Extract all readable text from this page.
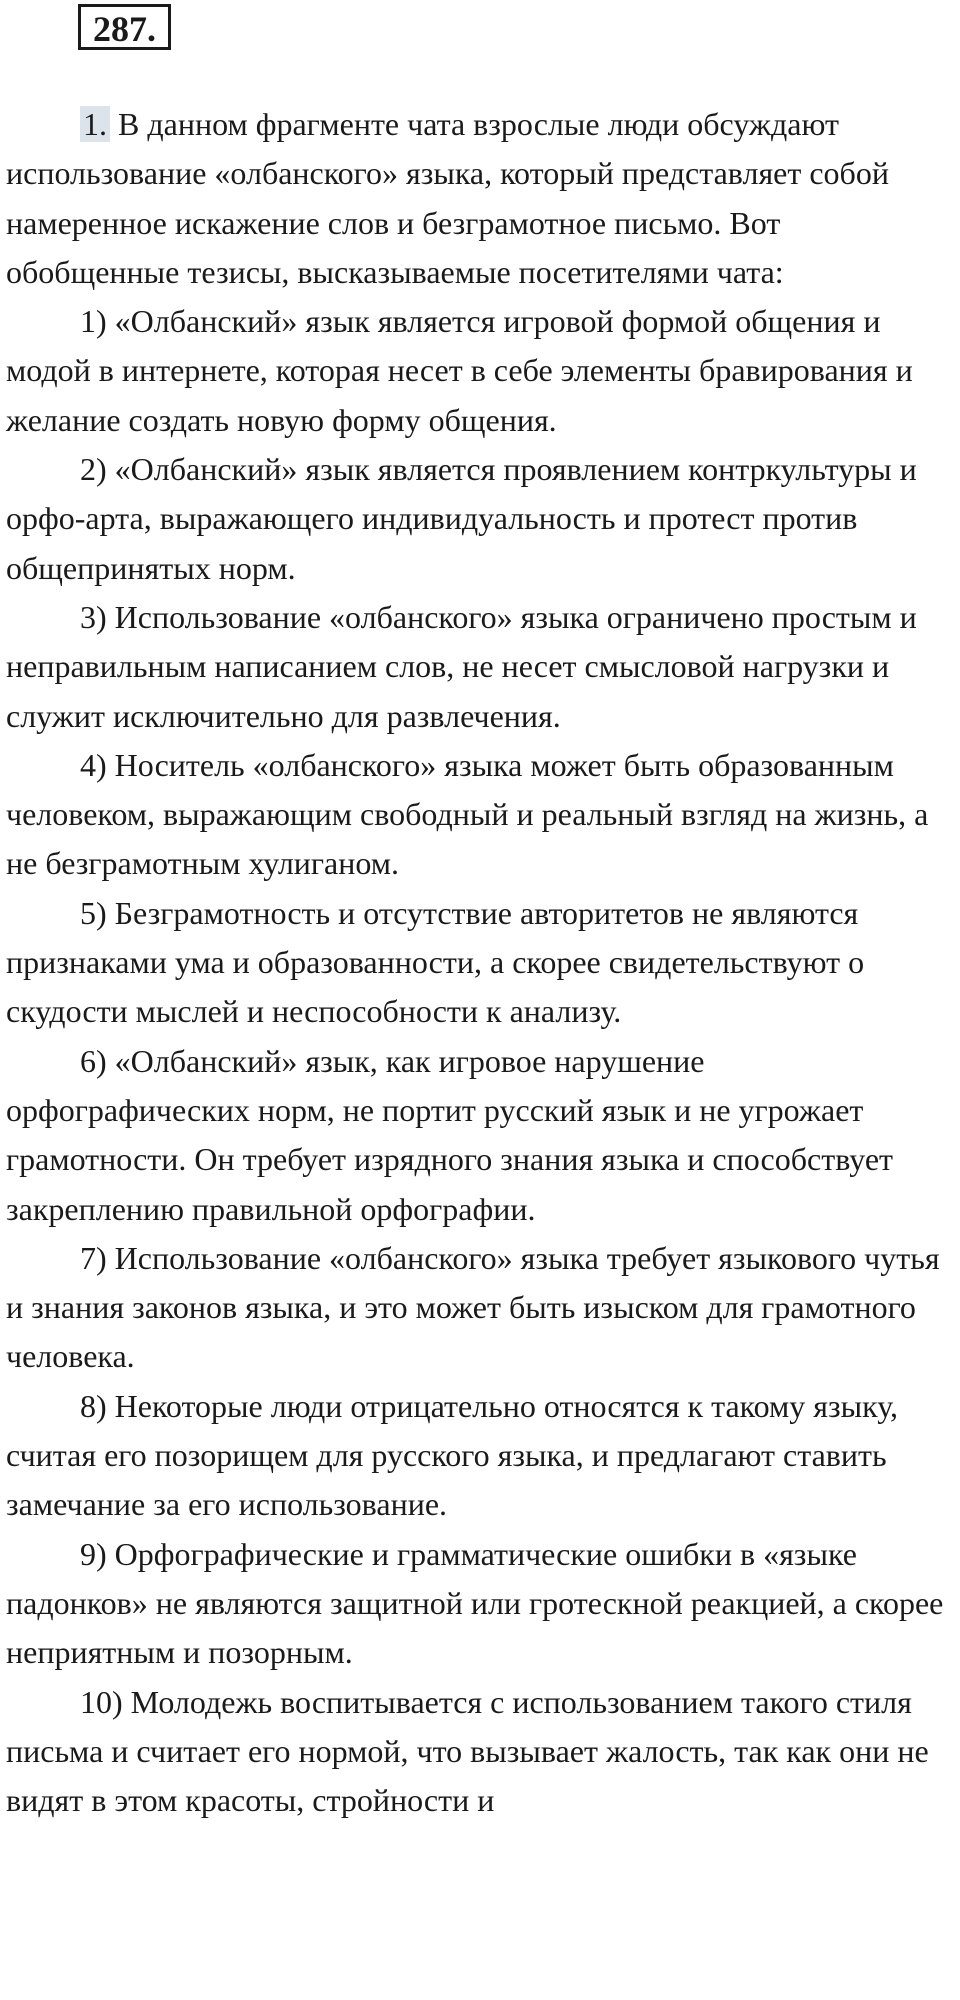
287.

1. В данном фрагменте чата взрослые люди обсуждают использование «олбанского» языка, который представляет собой намеренное искажение слов и безграмотное письмо. Вот обобщенные тезисы, высказываемые посетителями чата:

1) «Олбанский» язык является игровой формой общения и модой в интернете, которая несет в себе элементы бравирования и желание создать новую форму общения.

2) «Олбанский» язык является проявлением контркультуры и орфо-арта, выражающего индивидуальность и протест против общепринятых норм.

3) Использование «олбанского» языка ограничено простым и неправильным написанием слов, не несет смысловой нагрузки и служит исключительно для развлечения.

4) Носитель «олбанского» языка может быть образованным человеком, выражающим свободный и реальный взгляд на жизнь, а не безграмотным хулиганом.

5) Безграмотность и отсутствие авторитетов не являются признаками ума и образованности, а скорее свидетельствуют о скудости мыслей и неспособности к анализу.

6) «Олбанский» язык, как игровое нарушение орфографических норм, не портит русский язык и не угрожает грамотности. Он требует изрядного знания языка и способствует закреплению правильной орфографии.

7) Использование «олбанского» языка требует языкового чутья и знания законов языка, и это может быть изыском для грамотного человека.

8) Некоторые люди отрицательно относятся к такому языку, считая его позорищем для русского языка, и предлагают ставить замечание за его использование.

9) Орфографические и грамматические ошибки в «языке падонков» не являются защитной или гротескной реакцией, а скорее неприятным и позорным.

10) Молодежь воспитывается с использованием такого стиля письма и считает его нормой, что вызывает жалость, так как они не видят в этом красоты, стройности и
